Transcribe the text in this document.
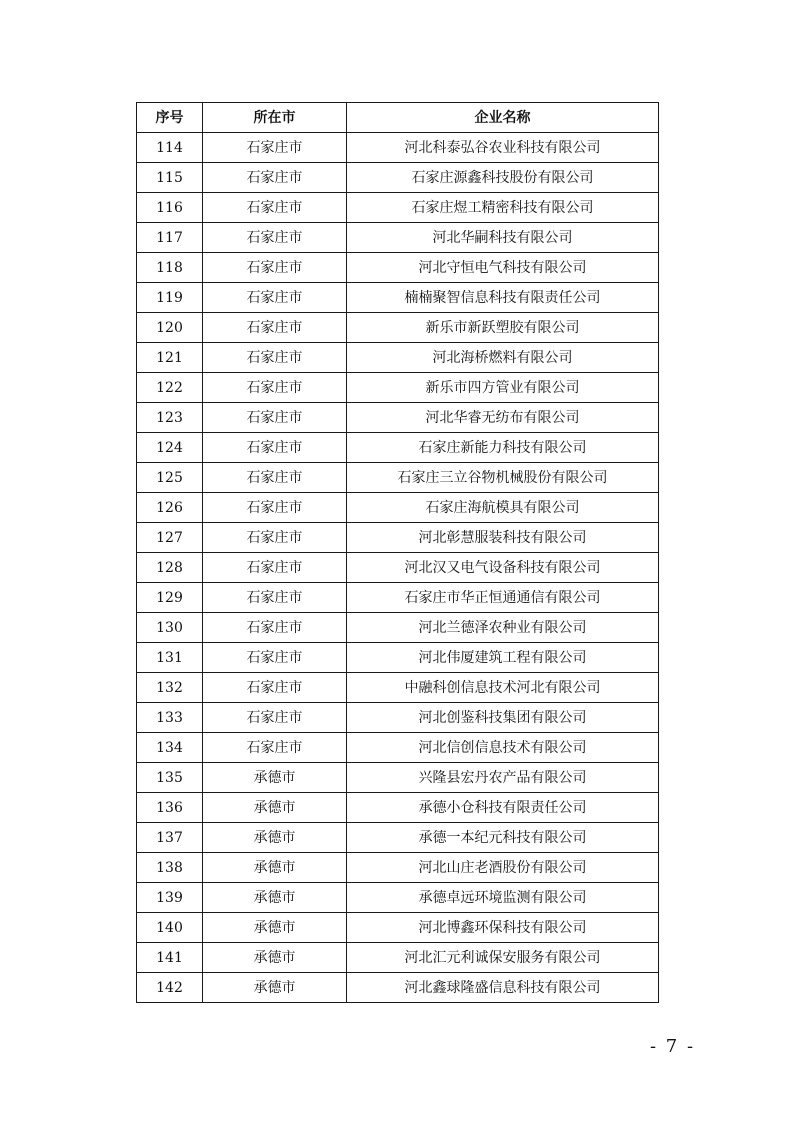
序号	所在市	企业名称
114	石家庄市	河北科泰弘谷农业科技有限公司
115	石家庄市	石家庄源鑫科技股份有限公司
116	石家庄市	石家庄煜工精密科技有限公司
117	石家庄市	河北华嗣科技有限公司
118	石家庄市	河北守恒电气科技有限公司
119	石家庄市	楠楠聚智信息科技有限责任公司
120	石家庄市	新乐市新跃塑胶有限公司
121	石家庄市	河北海桥燃料有限公司
122	石家庄市	新乐市四方管业有限公司
123	石家庄市	河北华睿无纺布有限公司
124	石家庄市	石家庄新能力科技有限公司
125	石家庄市	石家庄三立谷物机械股份有限公司
126	石家庄市	石家庄海航模具有限公司
127	石家庄市	河北彰慧服装科技有限公司
128	石家庄市	河北汉又电气设备科技有限公司
129	石家庄市	石家庄市华正恒通通信有限公司
130	石家庄市	河北兰德泽农种业有限公司
131	石家庄市	河北伟厦建筑工程有限公司
132	石家庄市	中融科创信息技术河北有限公司
133	石家庄市	河北创鉴科技集团有限公司
134	石家庄市	河北信创信息技术有限公司
135	承德市	兴隆县宏丹农产品有限公司
136	承德市	承德小仓科技有限责任公司
137	承德市	承德一本纪元科技有限公司
138	承德市	河北山庄老酒股份有限公司
139	承德市	承德卓远环境监测有限公司
140	承德市	河北博鑫环保科技有限公司
141	承德市	河北汇元利诚保安服务有限公司
142	承德市	河北鑫球隆盛信息科技有限公司
- 7 -
